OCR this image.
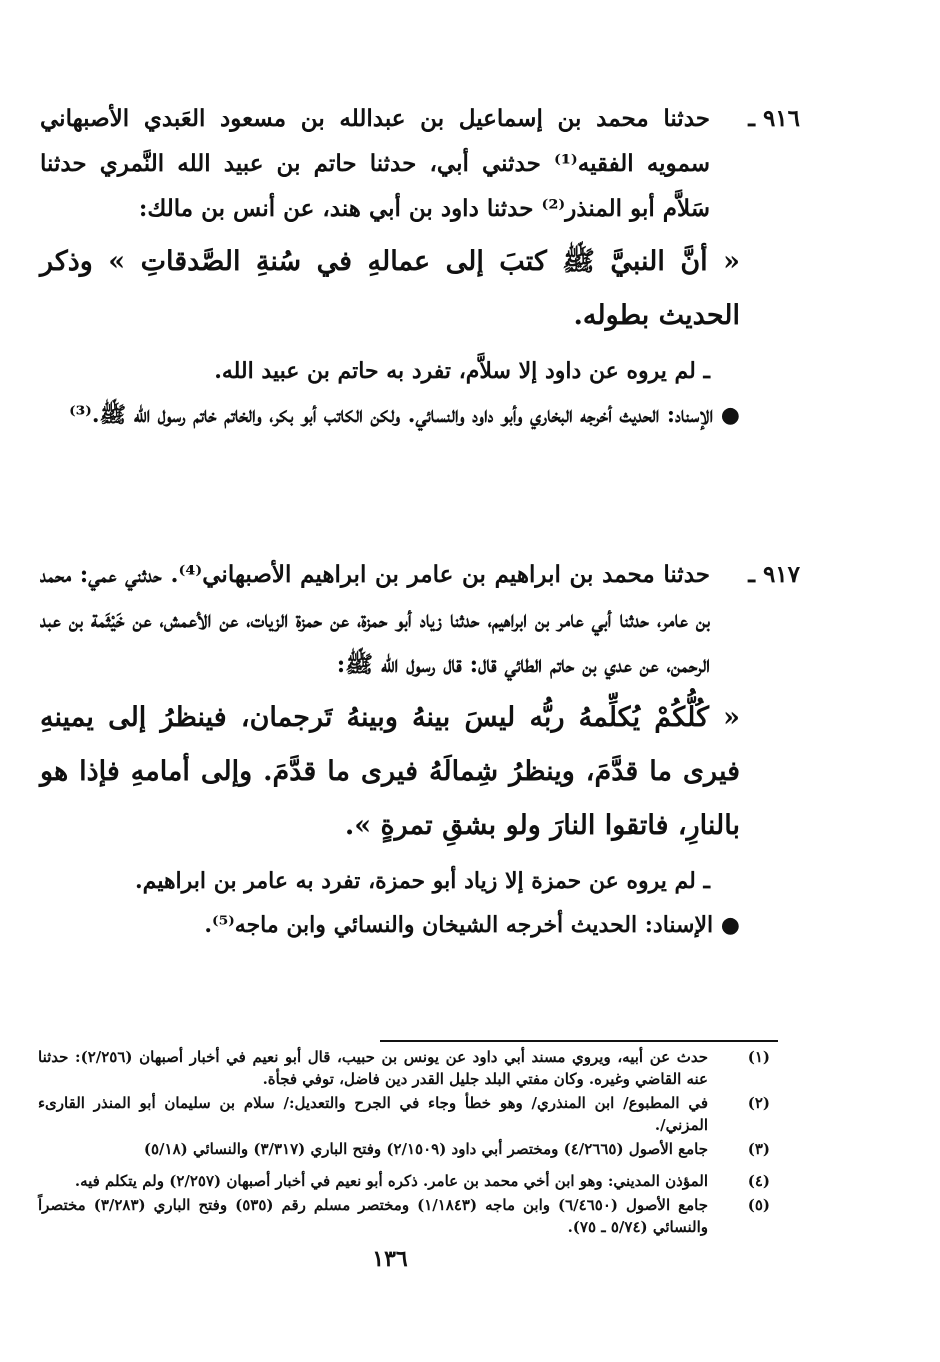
٩١٦ ـ
حدثنا محمد بن إسماعيل بن عبدالله بن مسعود العَبدي الأصبهاني سمويه الفقيه⁽¹⁾ حدثني أبي، حدثنا حاتم بن عبيد الله النَّمري حدثنا سَلاَّم أبو المنذر⁽²⁾ حدثنا داود بن أبي هند، عن أنس بن مالك:
« أنَّ النبيَّ ﷺ كتبَ إلى عمالهِ في سُنةِ الصَّدقاتِ » وذكر الحديث بطوله.
ـ لم يروه عن داود إلا سلاَّم، تفرد به حاتم بن عبيد الله.
● الإسناد: الحديث أخرجه البخاري وأبو داود والنسائي. ولكن الكاتب أبو بكر، والخاتم خاتم رسول الله ﷺ.⁽³⁾
٩١٧ ـ
حدثنا محمد بن ابراهيم بن عامر بن ابراهيم الأصبهاني⁽⁴⁾. حدثني عمي: محمد بن عامر، حدثنا أبي عامر بن ابراهيم، حدثنا زياد أبو حمزة، عن حمزة الزيات، عن الأعمش، عن خَيْثَمة بن عبد الرحمن، عن عدي بن حاتم الطائي قال: قال رسول الله ﷺ:
« كُلُّكُمْ يُكلِّمهُ ربُّه ليسَ بينهُ وبينهُ تَرجمان، فينظرُ إلى يمينهِ فيرى ما قدَّمَ، وينظرُ شِمالَهُ فيرى ما قدَّمَ. وإلى أمامهِ فإذا هو بالنارِ، فاتقوا النارَ ولو بشقِ تمرةٍ ».
ـ لم يروه عن حمزة إلا زياد أبو حمزة، تفرد به عامر بن ابراهيم.
● الإسناد: الحديث أخرجه الشيخان والنسائي وابن ماجه⁽⁵⁾.
(١)
حدث عن أبيه، ويروي مسند أبي داود عن يونس بن حبيب، قال أبو نعيم في أخبار أصبهان (٢/٢٥٦): حدثنا عنه القاضي وغيره. وكان مفتي البلد جليل القدر دين فاضل، توفي فجأة.
(٢)
في المطبوع/ ابن المنذري/ وهو خطأ وجاء في الجرح والتعديل:/ سلام بن سليمان أبو المنذر القارىء المزني/.
(٣)
جامع الأصول (٤/٢٦٦٥) ومختصر أبي داود (٢/١٥٠٩) وفتح الباري (٣/٣١٧) والنسائي (٥/١٨)
(٤)
المؤذن المديني: وهو ابن أخي محمد بن عامر. ذكره أبو نعيم في أخبار أصبهان (٢/٢٥٧) ولم يتكلم فيه.
(٥)
جامع الأصول (٦/٤٦٥٠) وابن ماجه (١/١٨٤٣) ومختصر مسلم رقم (٥٣٥) وفتح الباري (٣/٢٨٣) مختصراً والنسائي (٥/٧٤ ـ ٧٥).
١٣٦
